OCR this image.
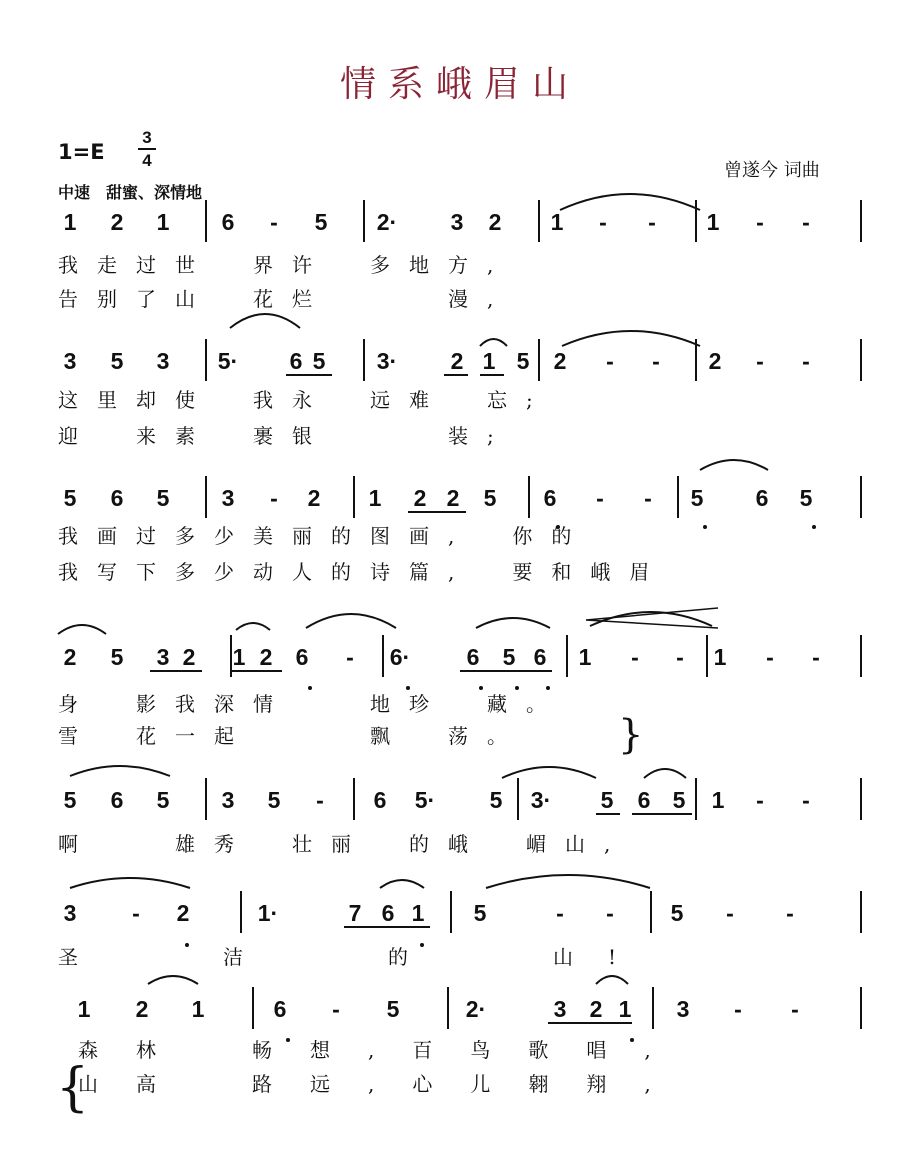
情系峨眉山
1=E
3
4
中速　甜蜜、深情地
曾遂今 词曲
1 2 1 6	-	5 2· 3 2 1	-	-	1	-	-
我走过世　界许　多地方,
告别了山　花烂　　　漫,
3 5 3 5· 6 5 3· 2 1 5 2	-	-	2	-	-
这里却使　我永　远难　忘;
迎　来素　裹银　　　装;
5 6 5 3	-	2 1 2 2 5 6	-	-	5 6 5
我画过多少美丽的图画,　你的
我写下多少动人的诗篇,　要和峨眉
2 5 3 2 1 2 6	-	6· 6 5 6 1	-	-	1	-	-
身　影我深情　　地珍　藏。
雪　花一起　　　飘　荡。
5 6 5 3 5	-	6 5· 5 3· 5 6 5 1	-	-
啊　　雄秀　壮丽　的峨　嵋山,
3	-	2	1·	7 6 1 5	-	-	5	-	-
圣　　洁　　的　　山!
1 2 1	6	-	5	2·	3 2 1 3	-	-
森林　畅想,百鸟歌唱,
山高　路远,心儿翱翔,
}
{
